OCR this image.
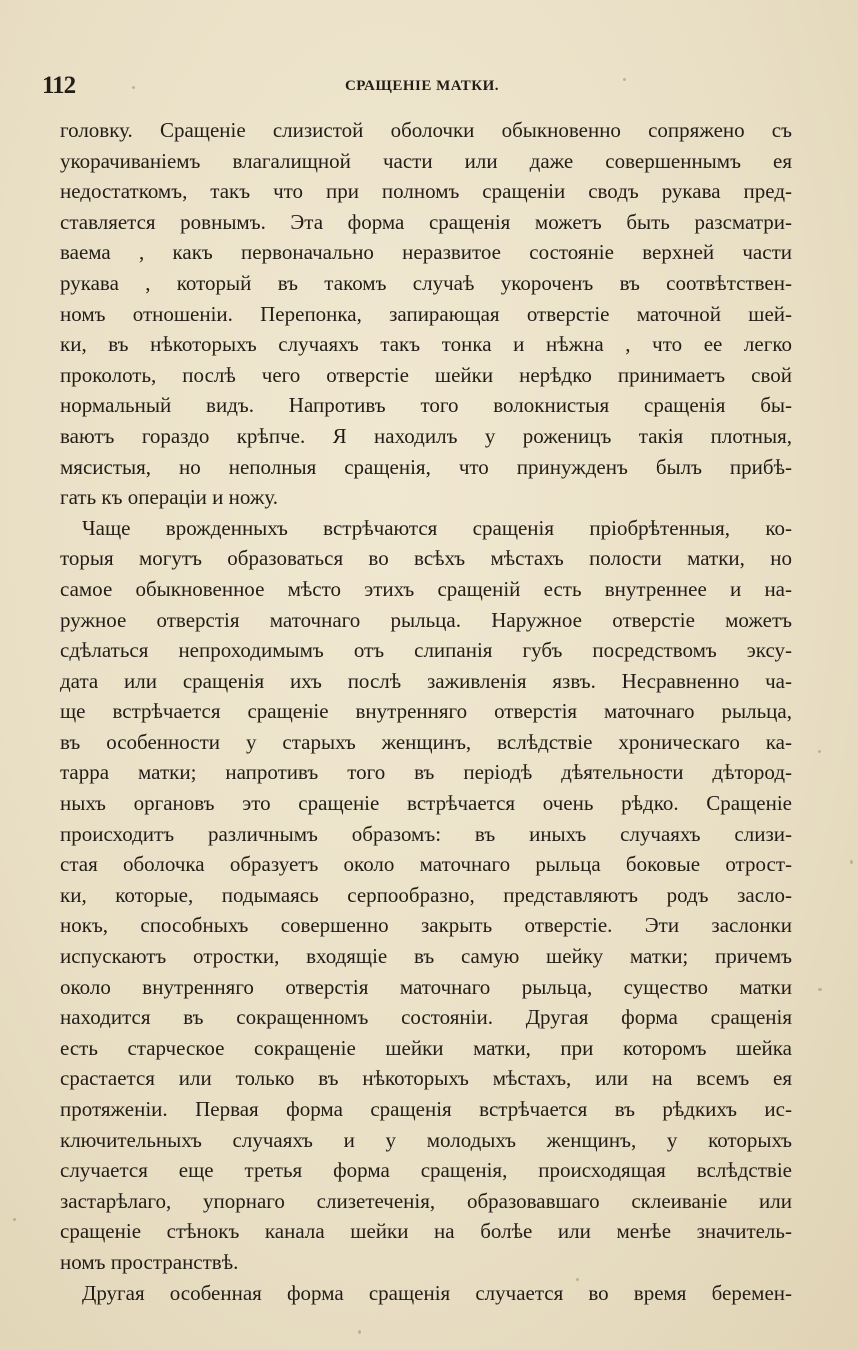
112	СРАЩЕНІЕ МАТКИ.
головку. Сращеніе слизистой оболочки обыкновенно сопряжено съ
укорачиваніемъ влагалищной части или даже совершеннымъ ея
недостаткомъ, такъ что при полномъ сращеніи сводъ рукава пред-
ставляется ровнымъ. Эта форма сращенія можетъ быть разсматри-
ваема , какъ первоначально неразвитое состояніе верхней части
рукава , который въ такомъ случаѣ укороченъ въ соотвѣтствен-
номъ отношеніи. Перепонка, запирающая отверстіе маточной шей-
ки, въ нѣкоторыхъ случаяхъ такъ тонка и нѣжна , что ее легко
проколоть, послѣ чего отверстіе шейки нерѣдко принимаетъ свой
нормальный видъ. Напротивъ того волокнистыя сращенія бы-
ваютъ гораздо крѣпче. Я находилъ у роженицъ такія плотныя,
мясистыя, но неполныя сращенія, что принужденъ былъ прибѣ-
гать къ операціи и ножу.
Чаще врожденныхъ встрѣчаются сращенія пріобрѣтенныя, ко-
торыя могутъ образоваться во всѣхъ мѣстахъ полости матки, но
самое обыкновенное мѣсто этихъ сращеній есть внутреннее и на-
ружное отверстія маточнаго рыльца. Наружное отверстіе можетъ
сдѣлаться непроходимымъ отъ слипанія губъ посредствомъ эксу-
дата или сращенія ихъ послѣ заживленія язвъ. Несравненно ча-
ще встрѣчается сращеніе внутренняго отверстія маточнаго рыльца,
въ особенности у старыхъ женщинъ, вслѣдствіе хроническаго ка-
тарра матки; напротивъ того въ періодѣ дѣятельности дѣтород-
ныхъ органовъ это сращеніе встрѣчается очень рѣдко. Сращеніе
происходитъ различнымъ образомъ: въ иныхъ случаяхъ слизи-
стая оболочка образуетъ около маточнаго рыльца боковые отрост-
ки, которые, подымаясь серпообразно, представляютъ родъ засло-
нокъ, способныхъ совершенно закрыть отверстіе. Эти заслонки
испускаютъ отростки, входящіе въ самую шейку матки; причемъ
около внутренняго отверстія маточнаго рыльца, существо матки
находится въ сокращенномъ состояніи. Другая форма сращенія
есть старческое сокращеніе шейки матки, при которомъ шейка
срастается или только въ нѣкоторыхъ мѣстахъ, или на всемъ ея
протяженіи. Первая форма сращенія встрѣчается въ рѣдкихъ ис-
ключительныхъ случаяхъ и у молодыхъ женщинъ, у которыхъ
случается еще третья форма сращенія, происходящая вслѣдствіе
застарѣлаго, упорнаго слизетеченія, образовавшаго склеиваніе или
сращеніе стѣнокъ канала шейки на болѣе или менѣе значитель-
номъ пространствѣ.
Другая особенная форма сращенія случается во время беремен-
